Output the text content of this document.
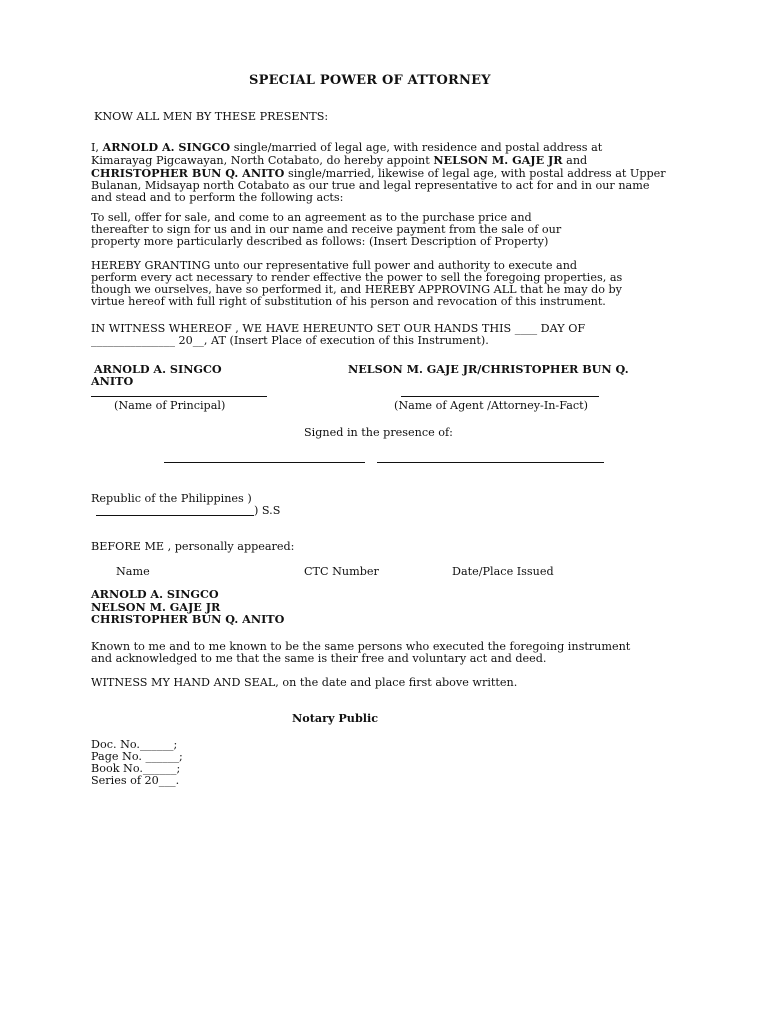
SPECIAL POWER OF ATTORNEY
KNOW ALL MEN BY THESE PRESENTS:

I, ARNOLD A. SINGCO single/married of legal age, with residence and postal address at
Kimarayag Pigcawayan, North Cotabato, do hereby appoint NELSON M. GAJE JR and
CHRISTOPHER BUN Q. ANITO single/married, likewise of legal age, with postal address at Upper
Bulanan, Midsayap north Cotabato as our true and legal representative to act for and in our name
and stead and to perform the following acts:

To sell, offer for sale, and come to an agreement as to the purchase price and
thereafter to sign for us and in our name and receive payment from the sale of our
property more particularly described as follows: (Insert Description of Property)

HEREBY GRANTING unto our representative full power and authority to execute and
perform every act necessary to render effective the power to sell the foregoing properties, as
though we ourselves, have so performed it, and HEREBY APPROVING ALL that he may do by
virtue hereof with full right of substitution of his person and revocation of this instrument.

IN WITNESS WHEREOF , WE HAVE HEREUNTO SET OUR HANDS THIS ____ DAY OF
_______________ 20__, AT (Insert Place of execution of this Instrument).

ARNOLD A. SINGCO
ANITO
NELSON M. GAJE JR/CHRISTOPHER BUN Q.
(Name of Principal)	(Name of Agent /Attorney-In-Fact)
Signed in the presence of:
Republic of the Philippines )
) S.S
BEFORE ME , personally appeared:
Name	CTC Number	Date/Place Issued
ARNOLD A. SINGCO
NELSON M. GAJE JR
CHRISTOPHER BUN Q. ANITO

Known to me and to me known to be the same persons who executed the foregoing instrument
and acknowledged to me that the same is their free and voluntary act and deed.

WITNESS MY HAND AND SEAL, on the date and place first above written.
Notary Public

Doc. No.______;
Page No. ______;
Book No.______;
Series of 20___.
